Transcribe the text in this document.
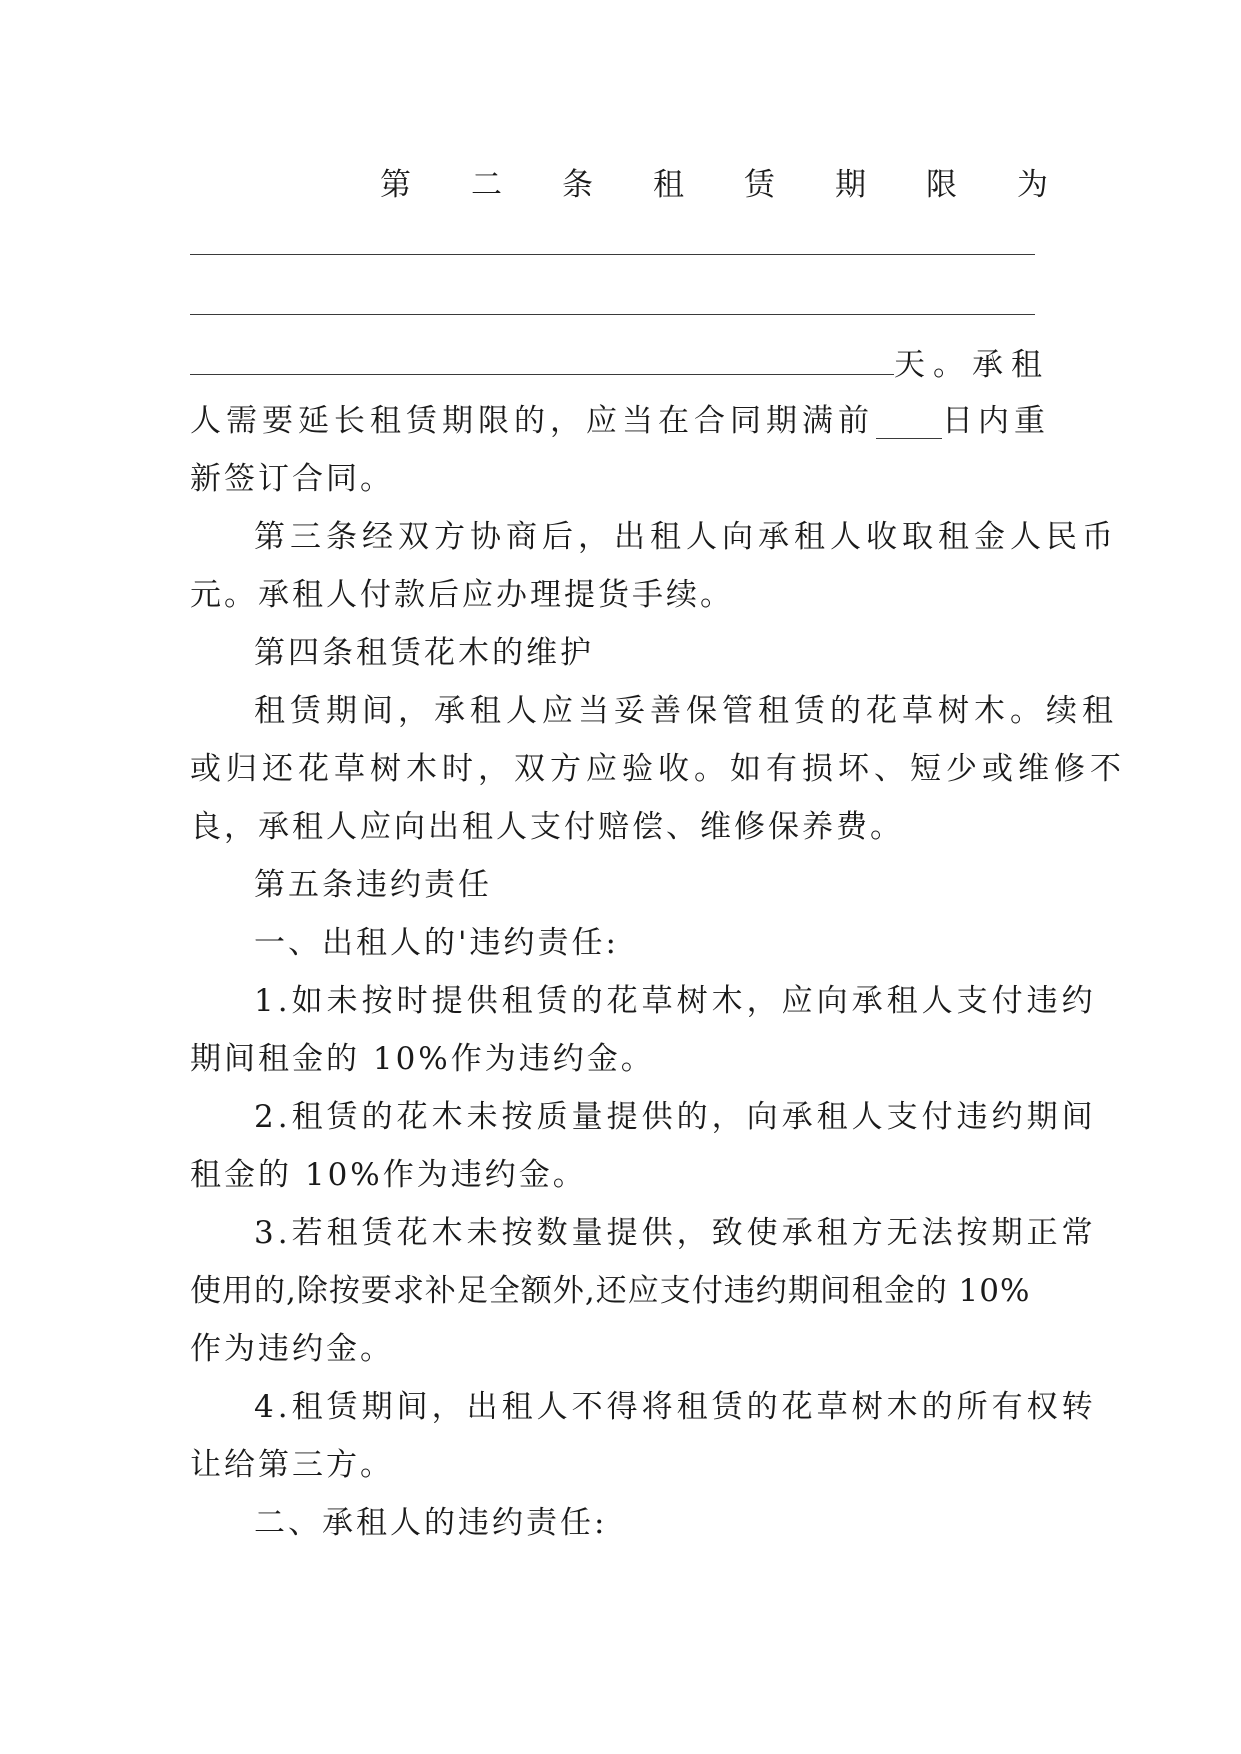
第 二 条 租 赁 期 限 为
天。承租
人需要延长租赁期限的，应当在合同期满前 日内重
新签订合同。
第三条经双方协商后，出租人向承租人收取租金人民币
元。承租人付款后应办理提货手续。
第四条租赁花木的维护
租赁期间，承租人应当妥善保管租赁的花草树木。续租
或归还花草树木时，双方应验收。如有损坏、短少或维修不
良，承租人应向出租人支付赔偿、维修保养费。
第五条违约责任
一、出租人的'违约责任:
1.如未按时提供租赁的花草树木，应向承租人支付违约
期间租金的 10%作为违约金。
2.租赁的花木未按质量提供的，向承租人支付违约期间
租金的 10%作为违约金。
3.若租赁花木未按数量提供，致使承租方无法按期正常
使用的,除按要求补足全额外,还应支付违约期间租金的 10%
作为违约金。
4.租赁期间，出租人不得将租赁的花草树木的所有权转
让给第三方。
二、承租人的违约责任:
